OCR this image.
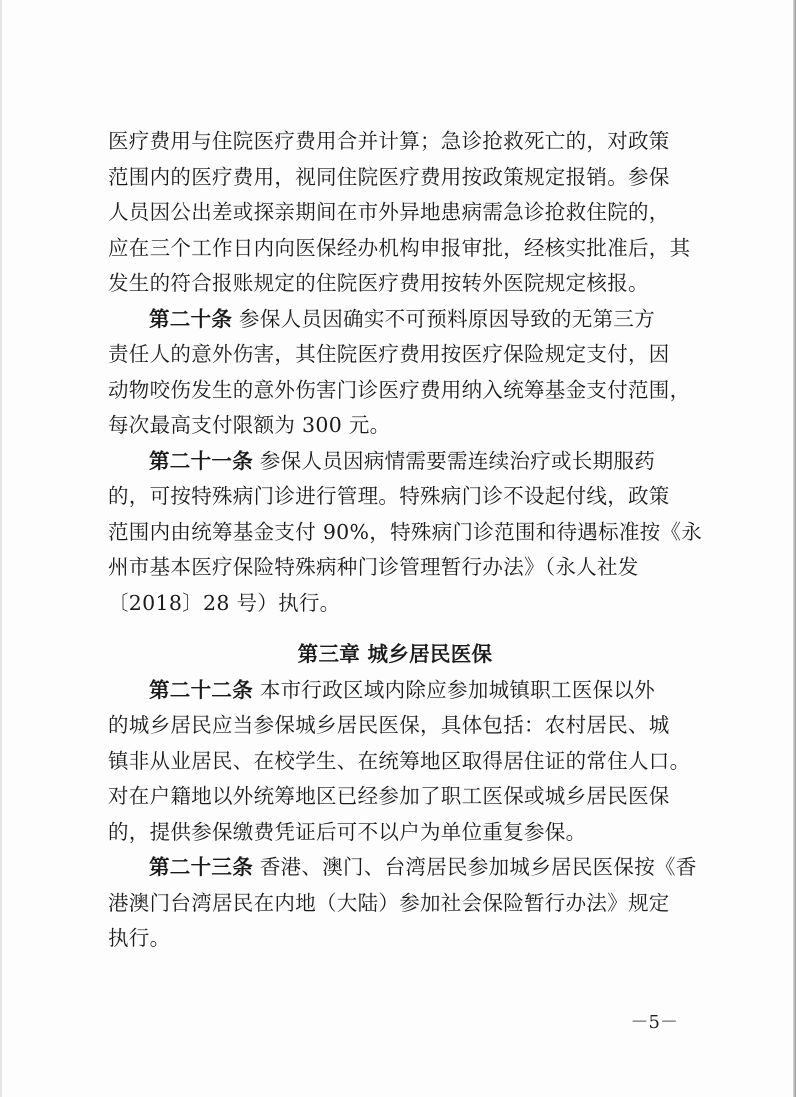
医疗费用与住院医疗费用合并计算；急诊抢救死亡的，对政策
范围内的医疗费用，视同住院医疗费用按政策规定报销。参保
人员因公出差或探亲期间在市外异地患病需急诊抢救住院的，
应在三个工作日内向医保经办机构申报审批，经核实批准后，其
发生的符合报账规定的住院医疗费用按转外医院规定核报。
第二十条 参保人员因确实不可预料原因导致的无第三方
责任人的意外伤害，其住院医疗费用按医疗保险规定支付，因
动物咬伤发生的意外伤害门诊医疗费用纳入统筹基金支付范围，
每次最高支付限额为 300 元。
第二十一条 参保人员因病情需要需连续治疗或长期服药
的，可按特殊病门诊进行管理。特殊病门诊不设起付线，政策
范围内由统筹基金支付 90%，特殊病门诊范围和待遇标准按《永
州市基本医疗保险特殊病种门诊管理暂行办法》（永人社发
〔2018〕28 号）执行。
第三章 城乡居民医保
第二十二条 本市行政区域内除应参加城镇职工医保以外
的城乡居民应当参保城乡居民医保，具体包括：农村居民、城
镇非从业居民、在校学生、在统筹地区取得居住证的常住人口。
对在户籍地以外统筹地区已经参加了职工医保或城乡居民医保
的，提供参保缴费凭证后可不以户为单位重复参保。
第二十三条 香港、澳门、台湾居民参加城乡居民医保按《香
港澳门台湾居民在内地（大陆）参加社会保险暂行办法》规定
执行。
－5－
